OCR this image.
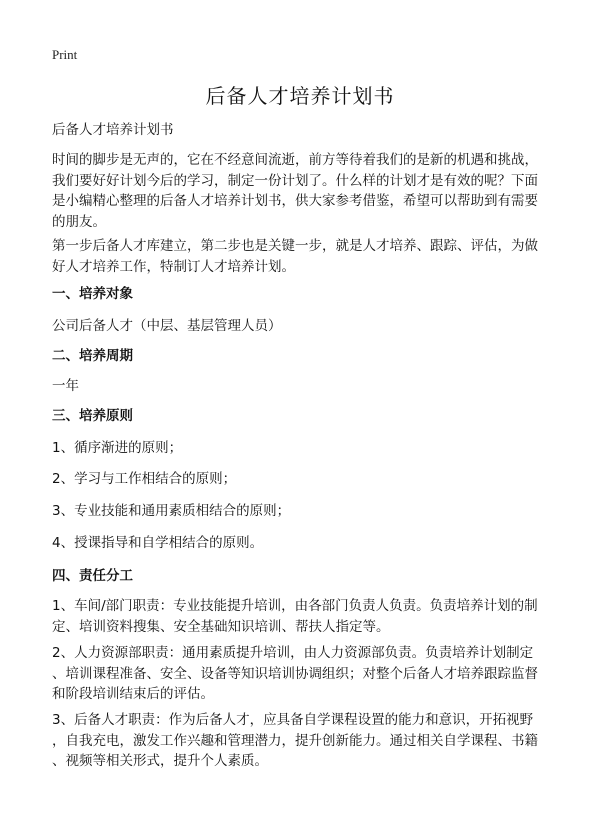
Print
后备人才培养计划书

后备人才培养计划书

时间的脚步是无声的，它在不经意间流逝，前方等待着我们的是新的机遇和挑战，
我们要好好计划今后的学习，制定一份计划了。什么样的计划才是有效的呢？下面
是小编精心整理的后备人才培养计划书，供大家参考借鉴，希望可以帮助到有需要
的朋友。

第一步后备人才库建立，第二步也是关键一步，就是人才培养、跟踪、评估，为做
好人才培养工作，特制订人才培养计划。

一、培养对象

公司后备人才（中层、基层管理人员）

二、培养周期

一年

三、培养原则

1、循序渐进的原则；

2、学习与工作相结合的原则；

3、专业技能和通用素质相结合的原则；

4、授课指导和自学相结合的原则。

四、责任分工

1、车间/部门职责：专业技能提升培训，由各部门负责人负责。负责培养计划的制
定、培训资料搜集、安全基础知识培训、帮扶人指定等。

2、人力资源部职责：通用素质提升培训，由人力资源部负责。负责培养计划制定
、培训课程准备、安全、设备等知识培训协调组织；对整个后备人才培养跟踪监督
和阶段培训结束后的评估。

3、后备人才职责：作为后备人才，应具备自学课程设置的能力和意识，开拓视野
，自我充电，激发工作兴趣和管理潜力，提升创新能力。通过相关自学课程、书籍
、视频等相关形式，提升个人素质。
